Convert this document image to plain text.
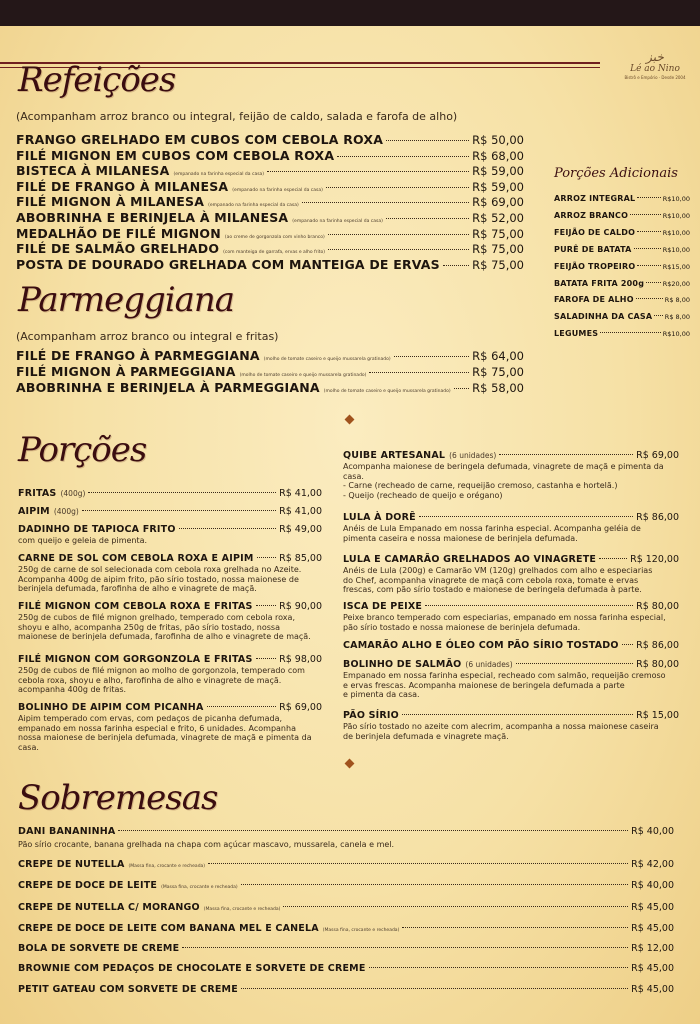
خبز
Lé ao Nino
Bistrô e Empório · Desde 2004
Refeições
(Acompanham arroz branco ou integral, feijão de caldo, salada e farofa de alho)
FRANGO GRELHADO EM CUBOS COM CEBOLA ROXA	R$ 50,00
FILÉ MIGNON EM CUBOS COM CEBOLA ROXA	R$ 68,00
BISTECA À MILANESA (empanado na farinha especial da casa)	R$ 59,00
FILÉ DE FRANGO À MILANESA (empanado na farinha especial da casa)	R$ 59,00
FILÉ MIGNON À MILANESA (empanado na farinha especial da casa)	R$ 69,00
ABOBRINHA E BERINJELA À MILANESA (empanado na farinha especial da casa)	R$ 52,00
MEDALHÃO DE FILÉ MIGNON (ao creme de gorgonzola com vinho branco)	R$ 75,00
FILÉ DE SALMÃO GRELHADO (com manteiga de garrafa, ervas e alho frito)	R$ 75,00
POSTA DE DOURADO GRELHADA COM MANTEIGA DE ERVAS	R$ 75,00
Porções Adicionais
ARROZ INTEGRAL	R$10,00
ARROZ BRANCO	R$10,00
FEIJÃO DE CALDO	R$10,00
PURÊ DE BATATA	R$10,00
FEIJÃO TROPEIRO	R$15,00
BATATA FRITA 200g	R$20,00
FAROFA DE ALHO	R$ 8,00
SALADINHA DA CASA R$ 8,00
LEGUMES	R$10,00
Parmeggiana
(Acompanham arroz branco ou integral e fritas)
FILÉ DE FRANGO À PARMEGGIANA (molho de tomate caseiro e queijo mussarela gratinado)	R$ 64,00
FILÉ MIGNON À PARMEGGIANA (molho de tomate caseiro e queijo mussarela gratinado)	R$ 75,00
ABOBRINHA E BERINJELA À PARMEGGIANA (molho de tomate caseiro e queijo mussarela gratinado) R$ 58,00
Porções
FRITAS (400g)	R$ 41,00
AIPIM (400g)	R$ 41,00
DADINHO DE TAPIOCA FRITO	R$ 49,00
com queijo e geleia de pimenta.
CARNE DE SOL COM CEBOLA ROXA E AIPIM	R$ 85,00
250g de carne de sol selecionada com cebola roxa grelhada no Azeite.
Acompanha 400g de aipim frito, pão sírio tostado, nossa maionese de
berinjela defumada, farofinha de alho e vinagrete de maçã.
FILÉ MIGNON COM CEBOLA ROXA E FRITAS	R$ 90,00
250g de cubos de filé mignon grelhado, temperado com cebola roxa,
shoyu e alho, acompanha 250g de fritas, pão sírio tostado, nossa
maionese de berinjela defumada, farofinha de alho e vinagrete de maçã.
FILÉ MIGNON COM GORGONZOLA E FRITAS	R$ 98,00
250g de cubos de filé mignon ao molho de gorgonzola, temperado com
cebola roxa, shoyu e alho, farofinha de alho e vinagrete de maçã.
acompanha 400g de fritas.
BOLINHO DE AIPIM COM PICANHA	R$ 69,00
Aipim temperado com ervas, com pedaços de picanha defumada,
empanado em nossa farinha especial e frito, 6 unidades. Acompanha
nossa maionese de berinjela defumada, vinagrete de maçã e pimenta da
casa.
QUIBE ARTESANAL (6 unidades)	R$ 69,00
Acompanha maionese de beringela defumada, vinagrete de maçã e pimenta da
casa.
- Carne (recheado de carne, requeijão cremoso, castanha e hortelã.)
- Queijo (recheado de queijo e orégano)
LULA À DORÊ	R$ 86,00
Anéis de Lula Empanado em nossa farinha especial. Acompanha geléia de
pimenta caseira e nossa maionese de berinjela defumada.
LULA E CAMARÃO GRELHADOS AO VINAGRETE	R$ 120,00
Anéis de Lula (200g) e Camarão VM (120g) grelhados com alho e especiarias
do Chef, acompanha vinagrete de maçã com cebola roxa, tomate e ervas
frescas, com pão sírio tostado e maionese de beringela defumada à parte.
ISCA DE PEIXE	R$ 80,00
Peixe branco temperado com especiarias, empanado em nossa farinha especial,
pão sírio tostado e nossa maionese de berinjela defumada.
CAMARÃO ALHO E ÓLEO COM PÃO SÍRIO TOSTADO R$ 86,00
BOLINHO DE SALMÃO (6 unidades)	R$ 80,00
Empanado em nossa farinha especial, recheado com salmão, requeijão cremoso
e ervas frescas. Acompanha maionese de beringela defumada a parte
e pimenta da casa.
PÃO SÍRIO	R$ 15,00
Pão sírio tostado no azeite com alecrim, acompanha a nossa maionese caseira
de berinjela defumada e vinagrete maçã.
Sobremesas
DANI BANANINHA	R$ 40,00
Pão sírio crocante, banana grelhada na chapa com açúcar mascavo, mussarela, canela e mel.
CREPE DE NUTELLA (Massa fina, crocante e recheada)	R$ 42,00
CREPE DE DOCE DE LEITE (Massa fina, crocante e recheada)	R$ 40,00
CREPE DE NUTELLA C/ MORANGO (Massa fina, crocante e recheada)	R$ 45,00
CREPE DE DOCE DE LEITE COM BANANA MEL E CANELA (Massa fina, crocante e recheada)	R$ 45,00
BOLA DE SORVETE DE CREME	R$ 12,00
BROWNIE COM PEDAÇOS DE CHOCOLATE E SORVETE DE CREME	R$ 45,00
PETIT GATEAU COM SORVETE DE CREME	R$ 45,00
